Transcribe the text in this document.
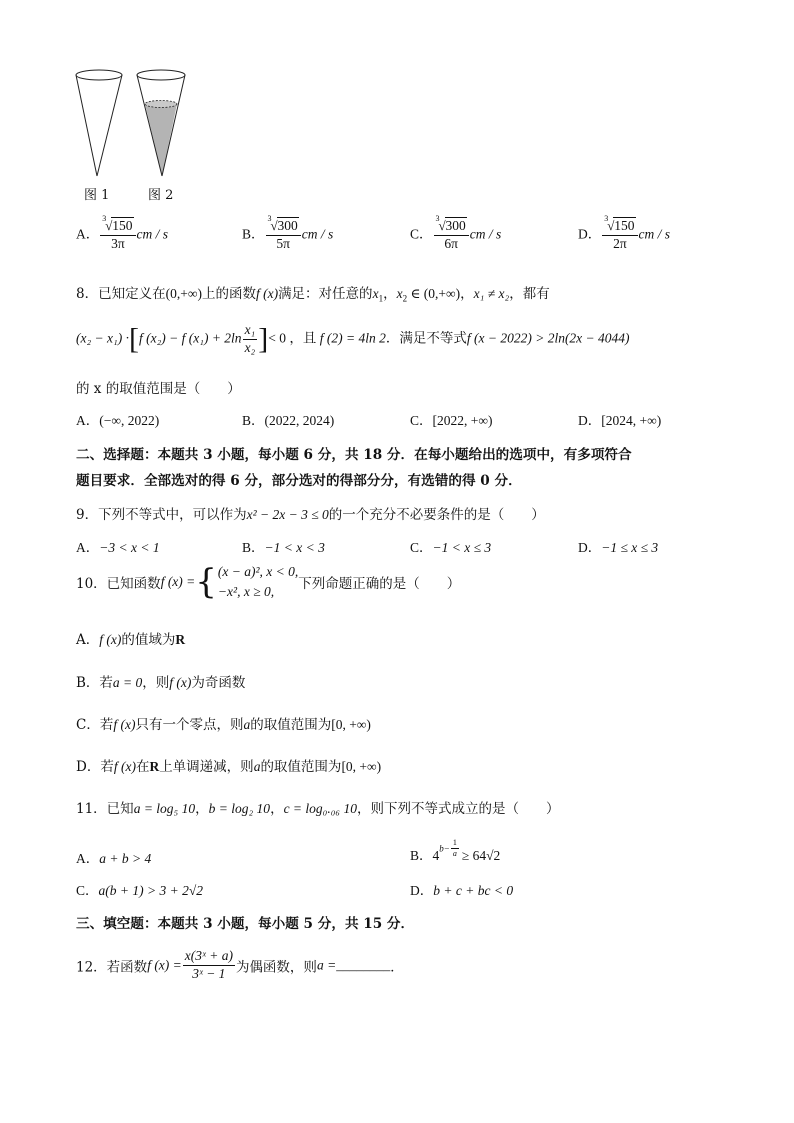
图 1	图 2
A． $\frac{3 √ 150}{3\pi}$ cm / s	B． $\frac{3 √ 300}{5\pi}$ cm / s	C． $\frac{3 √ 300}{6\pi}$ cm / s	D． $\frac{3 √ 150}{2\pi}$ cm / s
8．已知定义在(0,+∞)上的函数f (x)满足：对任意的$x_1$，$x_2$ ∈ (0,+∞)，x₁ ≠ x₂，都有
(x₂ − x₁) ·[f (x₂) − f $(x_1) + 2\ln \frac{\text{x₁}}{\text{x₂}}$ ]< 0 ，且 f (2) = 4ln 2．满足不等式f (x − 2022) > 2ln(2x − 4044)
的 x 的取值范围是（　　）
A．(−∞, 2022)	B．(2022, 2024)	C．[2022, +∞)	D．[2024, +∞)
二、选择题：本题共 3 小题，每小题 6 分，共 18 分．在每小题给出的选项中，有多项符合
题目要求．全部选对的得 6 分，部分选对的得部分分，有选错的得 0 分．
9．下列不等式中，可以作为x² − 2x − 3 ≤ 0的一个充分不必要条件的是（　　）
A．−3 < x < 1	B．−1 < x < 3	C．−1 < x ≤ 3	D．−1 ≤ x ≤ 3
10．已知函数f (x) ={ (x − a)², x < 0,
−x², x ≥ 0,	下列命题正确的是（　　）
A．f (x)的值域为R
B．若a = 0，则f (x)为奇函数
C．若f (x)只有一个零点，则a的取值范围为[0, +∞)
D．若f (x)在R上单调递减，则a的取值范围为[0, +∞)
11．已知a = log₅ 10，b = log₂ 10，c = log₀.₀₆ 10，则下列不等式成立的是（　　）
A．a + b > 4	B．$4b- \frac{1}{a} \ge 64√2$
C．a(b + 1) > 3 + 2√2	D．b + c + bc < 0
三、填空题：本题共 3 小题，每小题 5 分，共 15 分．
12．若函数f $(x) = \frac{\text{x(3ˣ + a)}}{\text{3ˣ − 1}}$ 为偶函数，则a =________．
